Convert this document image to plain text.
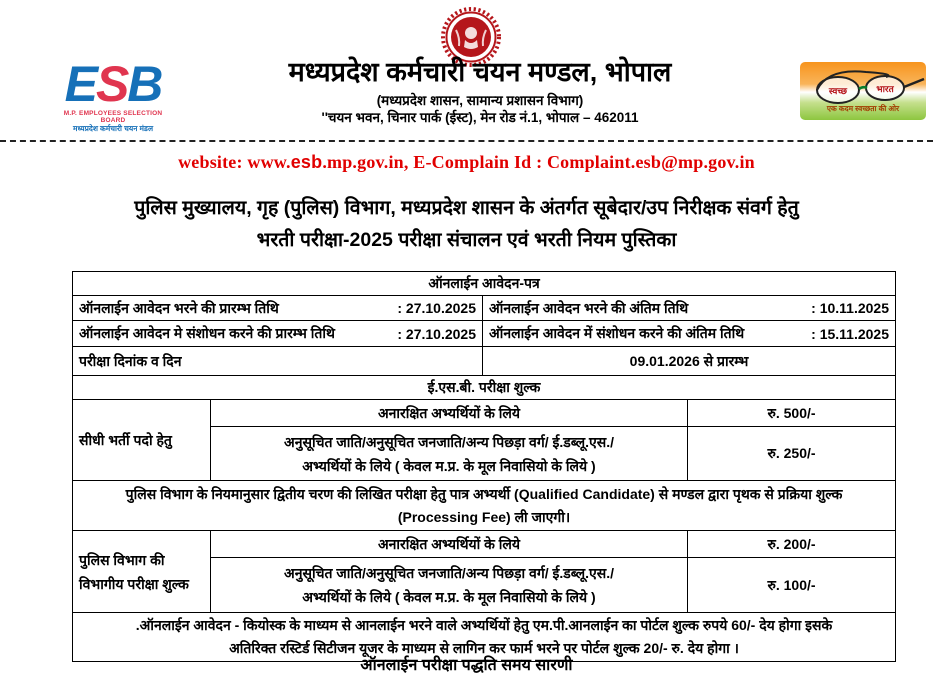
ESB
M.P. EMPLOYEES SELECTION BOARD
मध्यप्रदेश कर्मचारी चयन मंडल
मध्यप्रदेश कर्मचारी चयन मण्डल, भोपाल
(मध्यप्रदेश शासन, सामान्य प्रशासन विभाग)
''चयन भवन, चिनार पार्क (ईस्ट), मेन रोड नं.1, भोपाल – 462011
स्वच्छ	भारत
एक कदम स्वच्छता की ओर
website: www.esb.mp.gov.in, E-Complain Id : Complaint.esb@mp.gov.in
पुलिस मुख्यालय, गृह (पुलिस) विभाग, मध्यप्रदेश शासन के अंतर्गत सूबेदार/उप निरीक्षक संवर्ग हेतु
भरती परीक्षा-2025 परीक्षा संचालन एवं भरती नियम पुस्तिका
ऑनलाईन आवेदन-पत्र			

ऑनलाईन आवेदन भरने की प्रारम्भ तिथि : 27.10.2025		ऑनलाईन आवेदन भरने की अंतिम तिथि : 10.11.2025	

ऑनलाईन आवेदन मे संशोधन करने की प्रारम्भ तिथि : 27.10.2025		ऑनलाईन आवेदन में संशोधन करने की अंतिम तिथि : 15.11.2025	

परीक्षा दिनांक व दिन		09.01.2026 से प्रारम्भ	
ई.एस.बी. परीक्षा शुल्क			
सीधी भर्ती पदो हेतु	अनारक्षित अभ्यर्थियों के लिये		रु. 500/-

	अनुसूचित जाति/अनुसूचित जनजाति/अन्य पिछड़ा वर्ग/ ई.डब्लू.एस./
अभ्यर्थियों के लिये ( केवल म.प्र. के मूल निवासियो के लिये )		रु. 250/-

पुलिस विभाग के नियमानुसार द्वितीय चरण की लिखित परीक्षा हेतु पात्र अभ्यर्थी (Qualified Candidate) से मण्डल द्वारा पृथक से प्रक्रिया शुल्क
(Processing Fee) ली जाएगी।			

पुलिस विभाग की विभागीय परीक्षा शुल्क	अनारक्षित अभ्यर्थियों के लिये		रु. 200/-

	अनुसूचित जाति/अनुसूचित जनजाति/अन्य पिछड़ा वर्ग/ ई.डब्लू.एस./
अभ्यर्थियों के लिये ( केवल म.प्र. के मूल निवासियो के लिये )		रु. 100/-

.ऑनलाईन आवेदन - कियोस्क के माध्यम से आनलाईन भरने वाले अभ्यर्थियों हेतु एम.पी.आनलाईन का पोर्टल शुल्क रुपये 60/- देय होगा इसके
अतिरिक्त रस्टिर्ड सिटीजन यूजर के माध्यम से लागिन कर फार्म भरने पर पोर्टल शुल्क 20/- रु. देय होगा ।			
ऑनलाईन परीक्षा पद्धति समय सारणी
